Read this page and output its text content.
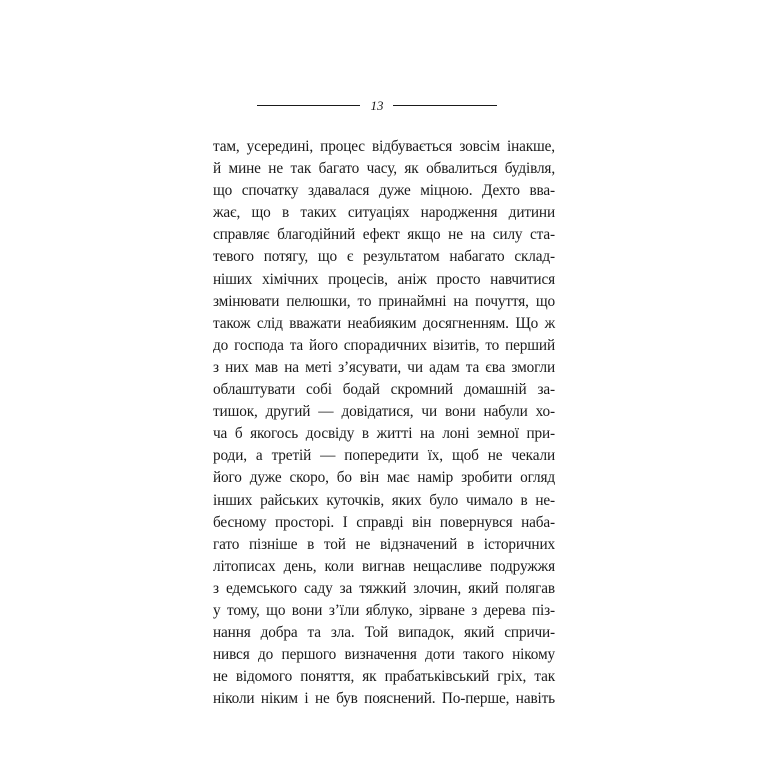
13
там, усередині, процес відбувається зовсім інакше,
й мине не так багато часу, як обвалиться будівля,
що спочатку здавалася дуже міцною. Дехто вва-
жає, що в таких ситуаціях народження дитини
справляє благодійний ефект якщо не на силу ста-
тевого потягу, що є результатом набагато склад-
ніших хімічних процесів, аніж просто навчитися
змінювати пелюшки, то принаймні на почуття, що
також слід вважати неабияким досягненням. Що ж
до господа та його спорадичних візитів, то перший
з них мав на меті з’ясувати, чи адам та єва змогли
облаштувати собі бодай скромний домашній за-
тишок, другий — довідатися, чи вони набули хо-
ча б якогось досвіду в житті на лоні земної при-
роди, а третій — попередити їх, щоб не чекали
його дуже скоро, бо він має намір зробити огляд
інших райських куточків, яких було чимало в не-
бесному просторі. І справді він повернувся наба-
гато пізніше в той не відзначений в історичних
літописах день, коли вигнав нещасливе подружжя
з едемського саду за тяжкий злочин, який полягав
у тому, що вони з’їли яблуко, зірване з дерева піз-
нання добра та зла. Той випадок, який спричи-
нився до першого визначення доти такого нікому
не відомого поняття, як прабатьківський гріх, так
ніколи ніким і не був пояснений. По-перше, навіть
